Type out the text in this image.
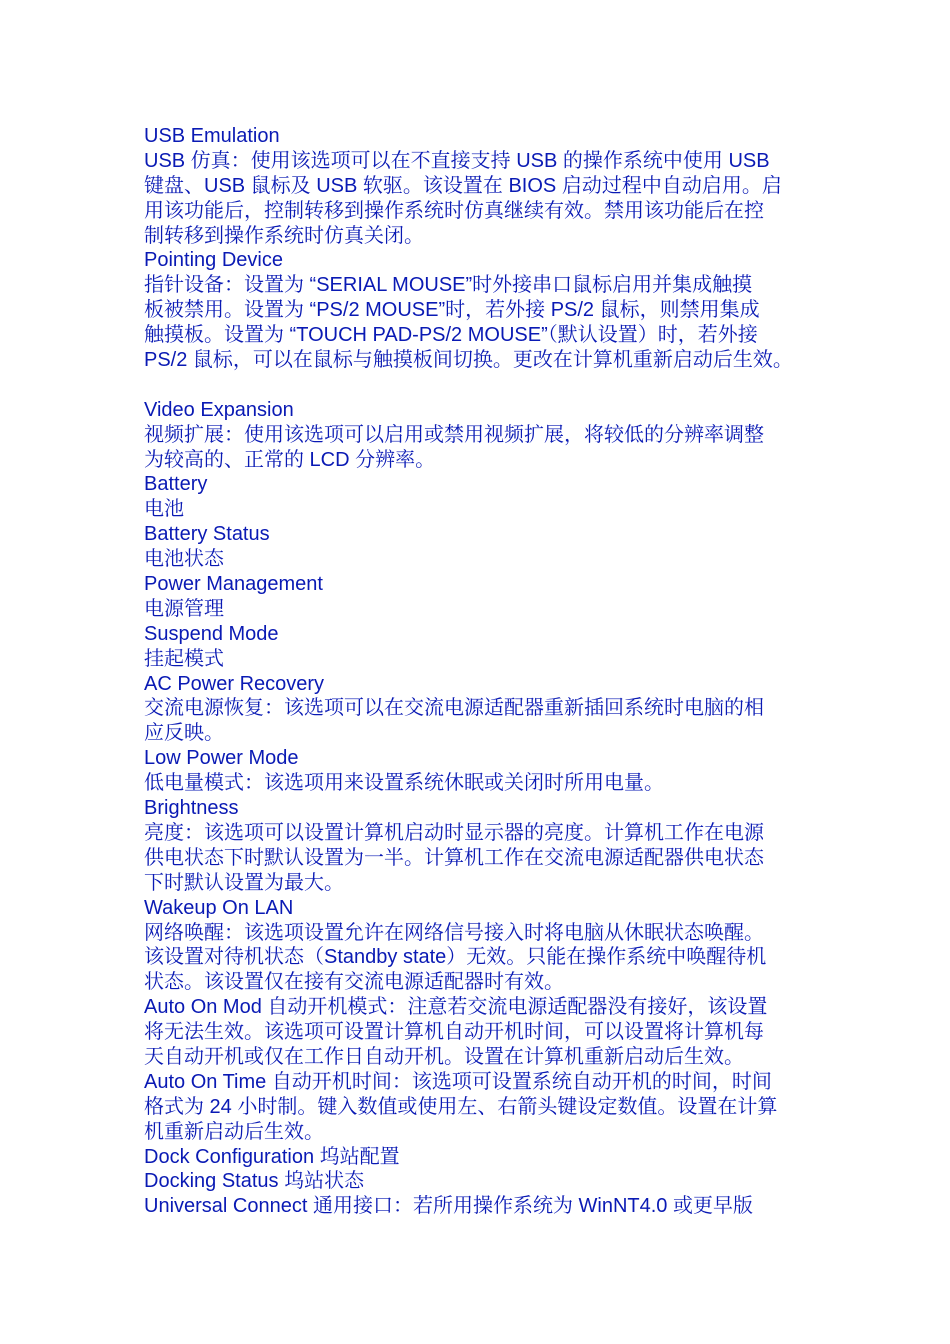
USB Emulation
USB 仿真：使用该选项可以在不直接支持 USB 的操作系统中使用 USB
键盘、USB 鼠标及 USB 软驱。该设置在 BIOS 启动过程中自动启用。启
用该功能后，控制转移到操作系统时仿真继续有效。禁用该功能后在控
制转移到操作系统时仿真关闭。
Pointing Device
指针设备：设置为 “SERIAL MOUSE”时外接串口鼠标启用并集成触摸
板被禁用。设置为 “PS/2 MOUSE”时，若外接 PS/2 鼠标，则禁用集成
触摸板。设置为 “TOUCH PAD-PS/2 MOUSE”（默认设置）时，若外接
PS/2 鼠标，可以在鼠标与触摸板间切换。更改在计算机重新启动后生效。
Video Expansion
视频扩展：使用该选项可以启用或禁用视频扩展，将较低的分辨率调整
为较高的、正常的 LCD 分辨率。
Battery
电池
Battery Status
电池状态
Power Management
电源管理
Suspend Mode
挂起模式
AC Power Recovery
交流电源恢复：该选项可以在交流电源适配器重新插回系统时电脑的相
应反映。
Low Power Mode
低电量模式：该选项用来设置系统休眠或关闭时所用电量。
Brightness
亮度：该选项可以设置计算机启动时显示器的亮度。计算机工作在电源
供电状态下时默认设置为一半。计算机工作在交流电源适配器供电状态
下时默认设置为最大。
Wakeup On LAN
网络唤醒：该选项设置允许在网络信号接入时将电脑从休眠状态唤醒。
该设置对待机状态（Standby state）无效。只能在操作系统中唤醒待机
状态。该设置仅在接有交流电源适配器时有效。
Auto On Mod 自动开机模式：注意若交流电源适配器没有接好，该设置
将无法生效。该选项可设置计算机自动开机时间，可以设置将计算机每
天自动开机或仅在工作日自动开机。设置在计算机重新启动后生效。
Auto On Time 自动开机时间：该选项可设置系统自动开机的时间，时间
格式为 24 小时制。键入数值或使用左、右箭头键设定数值。设置在计算
机重新启动后生效。
Dock Configuration 坞站配置
Docking Status 坞站状态
Universal Connect 通用接口：若所用操作系统为 WinNT4.0 或更早版
